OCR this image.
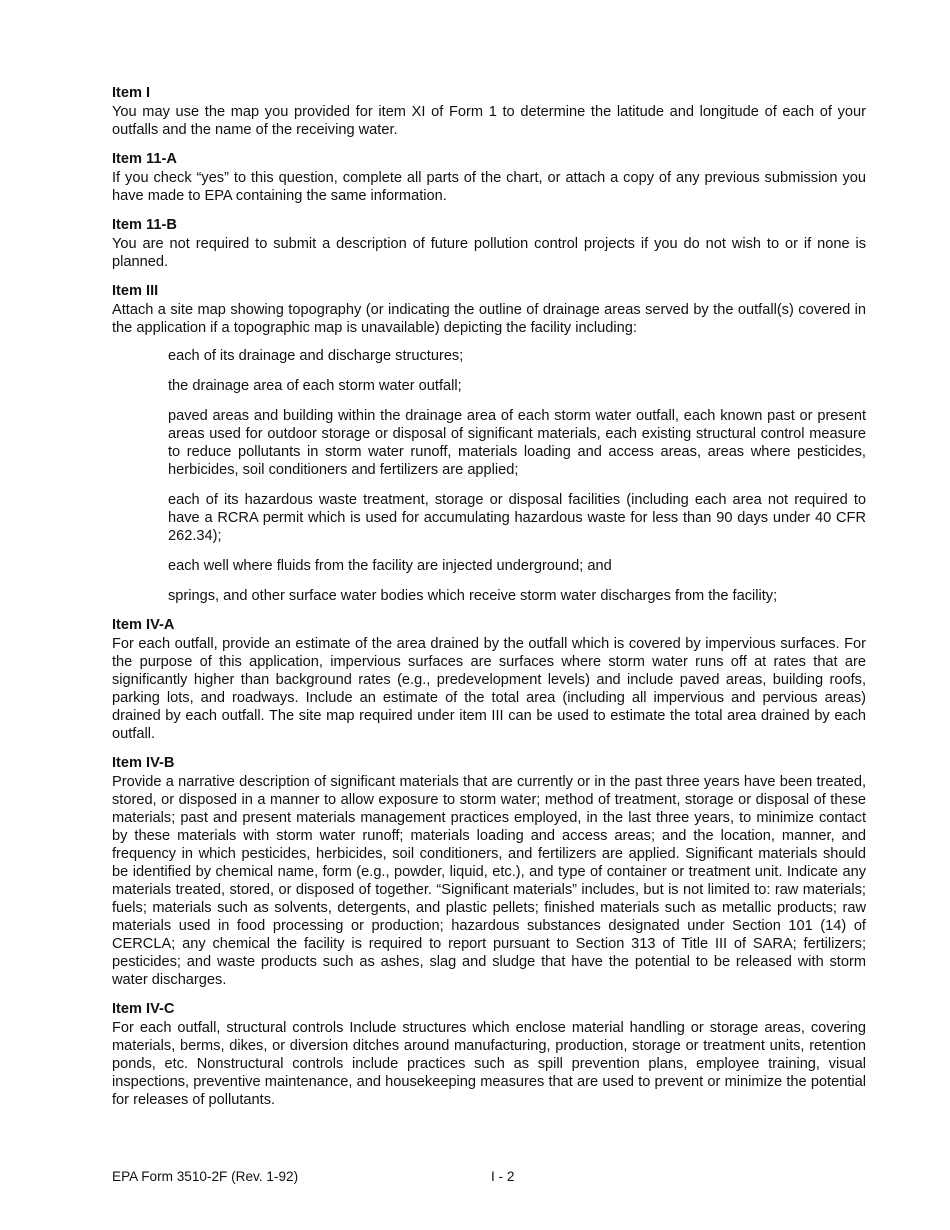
Item I

You may use the map you provided for item XI of Form 1 to determine the latitude and longitude of each of your outfalls and the name of the receiving water.

Item 11-A

If you check “yes” to this question, complete all parts of the chart, or attach a copy of any previous submission you have made to EPA containing the same information.

Item 11-B

You are not required to submit a description of future pollution control projects if you do not wish to or if none is planned.

Item III

Attach a site map showing topography (or indicating the outline of drainage areas served by the outfall(s) covered in the application if a topographic map is unavailable) depicting the facility including:

each of its drainage and discharge structures;

the drainage area of each storm water outfall;

paved areas and building within the drainage area of each storm water outfall, each known past or present areas used for outdoor storage or disposal of significant materials, each existing structural control measure to reduce pollutants in storm water runoff, materials loading and access areas, areas where pesticides, herbicides, soil conditioners and fertilizers are applied;

each of its hazardous waste treatment, storage or disposal facilities (including each area not required to have a RCRA permit which is used for accumulating hazardous waste for less than 90 days under 40 CFR 262.34);

each well where fluids from the facility are injected underground; and

springs, and other surface water bodies which receive storm water discharges from the facility;

Item IV-A

For each outfall, provide an estimate of the area drained by the outfall which is covered by impervious surfaces. For the purpose of this application, impervious surfaces are surfaces where storm water runs off at rates that are significantly higher than background rates (e.g., predevelopment levels) and include paved areas, building roofs, parking lots, and roadways. Include an estimate of the total area (including all impervious and pervious areas) drained by each outfall. The site map required under item III can be used to estimate the total area drained by each outfall.

Item IV-B

Provide a narrative description of significant materials that are currently or in the past three years have been treated, stored, or disposed in a manner to allow exposure to storm water; method of treatment, storage or disposal of these materials; past and present materials management practices employed, in the last three years, to minimize contact by these materials with storm water runoff; materials loading and access areas; and the location, manner, and frequency in which pesticides, herbicides, soil conditioners, and fertilizers are applied. Significant materials should be identified by chemical name, form (e.g., powder, liquid, etc.), and type of container or treatment unit. Indicate any materials treated, stored, or disposed of together. “Significant materials” includes, but is not limited to: raw materials; fuels; materials such as solvents, detergents, and plastic pellets; finished materials such as metallic products; raw materials used in food processing or production; hazardous substances designated under Section 101 (14) of CERCLA; any chemical the facility is required to report pursuant to Section 313 of Title III of SARA; fertilizers; pesticides; and waste products such as ashes, slag and sludge that have the potential to be released with storm water discharges.

Item IV-C

For each outfall, structural controls Include structures which enclose material handling or storage areas, covering materials, berms, dikes, or diversion ditches around manufacturing, production, storage or treatment units, retention ponds, etc. Nonstructural controls include practices such as spill prevention plans, employee training, visual inspections, preventive maintenance, and housekeeping measures that are used to prevent or minimize the potential for releases of pollutants.

EPA Form 3510-2F (Rev. 1-92)	I - 2
